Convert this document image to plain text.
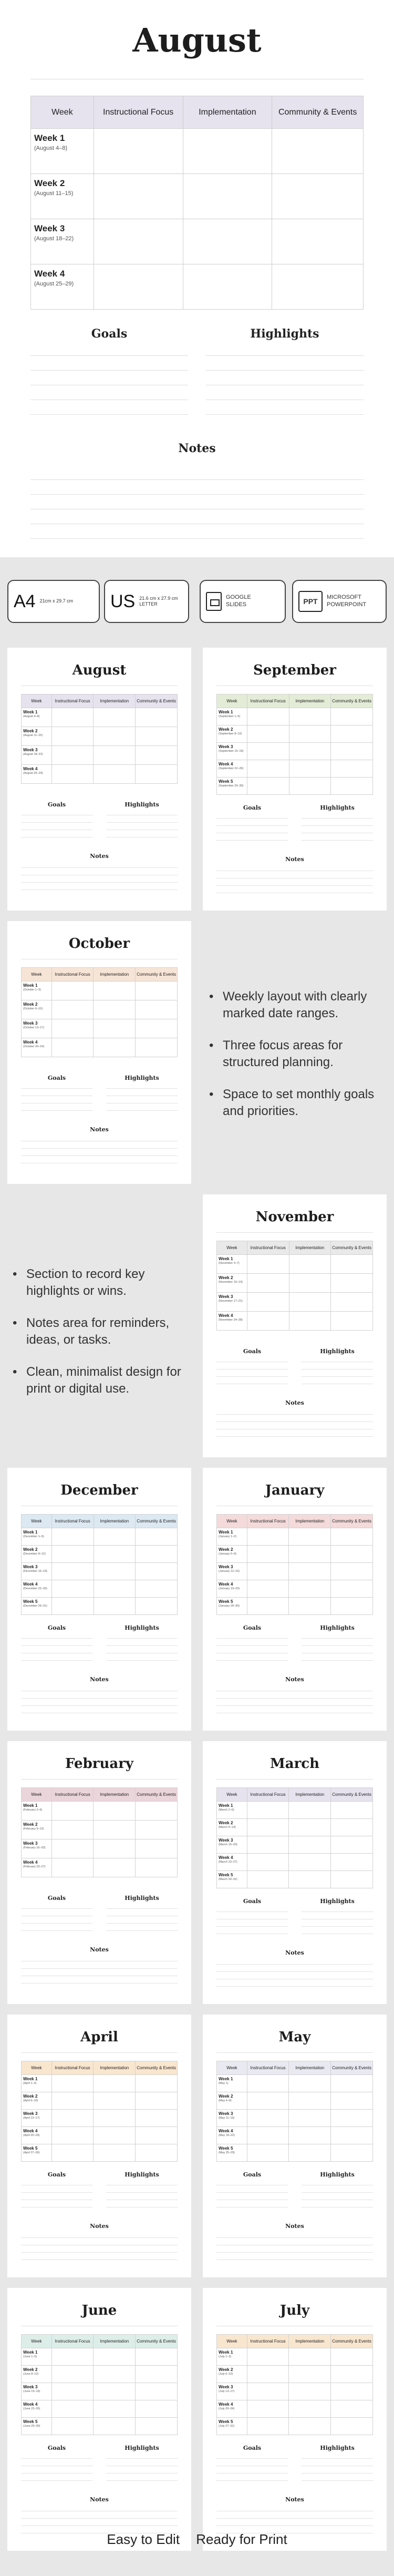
August
Week	Instructional Focus	Implementation	Community & Events

Week 1
(August 4–8)			

Week 2
(August 11–15)			

Week 3
(August 18–22)			

Week 4
(August 25–29)			

Goals	Highlights
Notes
A4 21cm x 29.7 cm US 21.6 cm x 27.9 cm
LETTER
GOOGLE
SLIDES	PPT	MICROSOFT
POWERPOINT
August
Week	Instructional Focus	Implementation	Community & Events

Week 1
(August 4–8)			

Week 2
(August 11–15)			

Week 3
(August 18–22)			

Week 4
(August 25–29)			

Goals	Highlights
Notes
September
Week	Instructional Focus	Implementation	Community & Events

Week 1
(September 1–5)			

Week 2
(September 8–12)			

Week 3
(September 15–19)			

Week 4
(September 22–26)			

Week 5
(September 29–30)			

Goals	Highlights
Notes
October
Week	Instructional Focus	Implementation	Community & Events

Week 1
(October 1–3)			

Week 2
(October 6–10)			

Week 3
(October 13–17)			

Week 4
(October 20–24)			

Goals	Highlights
Notes
November
Week	Instructional Focus	Implementation	Community & Events

Week 1
(November 3–7)			

Week 2
(November 10–14)			

Week 3
(November 17–21)			

Week 4
(November 24–28)			

Goals	Highlights
Notes
December
Week	Instructional Focus	Implementation	Community & Events

Week 1
(December 1–5)			

Week 2
(December 8–12)			

Week 3
(December 15–19)			

Week 4
(December 22–26)			

Week 5
(December 29–31)			

Goals	Highlights
Notes
January
Week	Instructional Focus	Implementation	Community & Events

Week 1
(January 1–2)			

Week 2
(January 5–9)			

Week 3
(January 12–16)			

Week 4
(January 19–23)			

Week 5
(January 26–30)			

Goals	Highlights
Notes
February
Week	Instructional Focus	Implementation	Community & Events

Week 1
(February 2–6)			

Week 2
(February 9–13)			

Week 3
(February 16–20)			

Week 4
(February 23–27)			

Goals	Highlights
Notes
March
Week	Instructional Focus	Implementation	Community & Events

Week 1
(March 2–6)			

Week 2
(March 9–13)			

Week 3
(March 16–20)			

Week 4
(March 23–27)			

Week 5
(March 30–31)			

Goals	Highlights
Notes
April
Week	Instructional Focus	Implementation	Community & Events

Week 1
(April 1–3)			

Week 2
(April 6–10)			

Week 3
(April 13–17)			

Week 4
(April 20–24)			

Week 5
(April 27–30)			

Goals	Highlights
Notes
May
Week	Instructional Focus	Implementation	Community & Events

Week 1
(May 1)			

Week 2
(May 4–8)			

Week 3
(May 11–15)			

Week 4
(May 18–22)			

Week 5
(May 25–29)			

Goals	Highlights
Notes
June
Week	Instructional Focus	Implementation	Community & Events

Week 1
(June 1–5)			

Week 2
(June 8–12)			

Week 3
(June 15–19)			

Week 4
(June 22–26)			

Week 5
(June 29–30)			

Goals	Highlights
Notes
July
Week	Instructional Focus	Implementation	Community & Events

Week 1
(July 1–3)			

Week 2
(July 6–10)			

Week 3
(July 13–17)			

Week 4
(July 20–24)			

Week 5
(July 27–31)			

Goals	Highlights
Notes
• Weekly layout with clearly marked date ranges.
• Three focus areas for structured planning.
• Space to set monthly goals and priorities.
• Section to record key highlights or wins.
• Notes area for reminders, ideas, or tasks.
• Clean, minimalist design for print or digital use.
Easy to Edit Ready for Print
